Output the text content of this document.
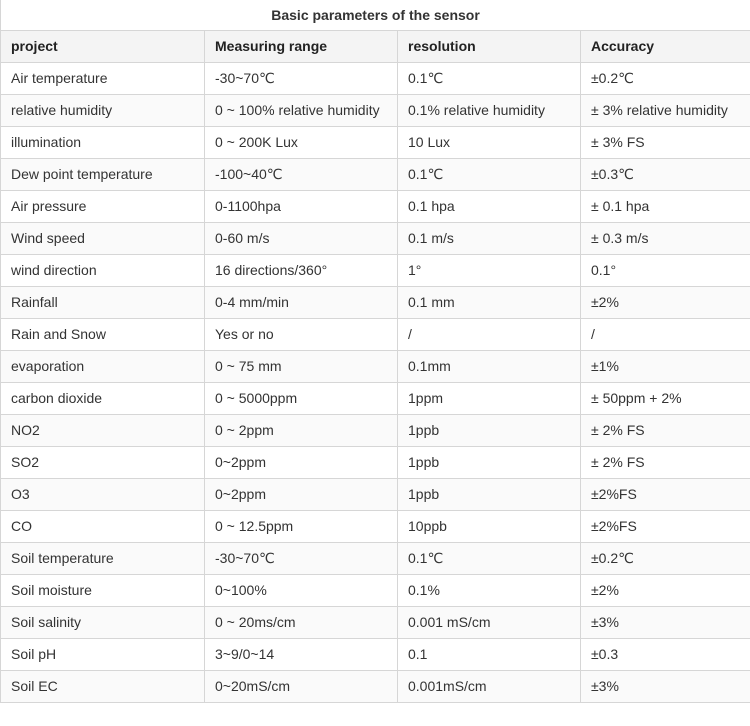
Basic parameters of the sensor			
project	Measuring range	resolution	Accuracy
Air temperature	-30~70℃	0.1℃	±0.2℃
relative humidity	0 ~ 100% relative humidity	0.1% relative humidity	± 3% relative humidity
illumination	0 ~ 200K Lux	10 Lux	± 3% FS
Dew point temperature	-100~40℃	0.1℃	±0.3℃
Air pressure	0-1100hpa	0.1 hpa	± 0.1 hpa
Wind speed	0-60 m/s	0.1 m/s	± 0.3 m/s
wind direction	16 directions/360°	1°	0.1°
Rainfall	0-4 mm/min	0.1 mm	±2%
Rain and Snow	Yes or no	/	/
evaporation	0 ~ 75 mm	0.1mm	±1%
carbon dioxide	0 ~ 5000ppm	1ppm	± 50ppm + 2%
NO2	0 ~ 2ppm	1ppb	± 2% FS
SO2	0~2ppm	1ppb	± 2% FS
O3	0~2ppm	1ppb	±2%FS
CO	0 ~ 12.5ppm	10ppb	±2%FS
Soil temperature	-30~70℃	0.1℃	±0.2℃
Soil moisture	0~100%	0.1%	±2%
Soil salinity	0 ~ 20ms/cm	0.001 mS/cm	±3%
Soil pH	3~9/0~14	0.1	±0.3
Soil EC	0~20mS/cm	0.001mS/cm	±3%
